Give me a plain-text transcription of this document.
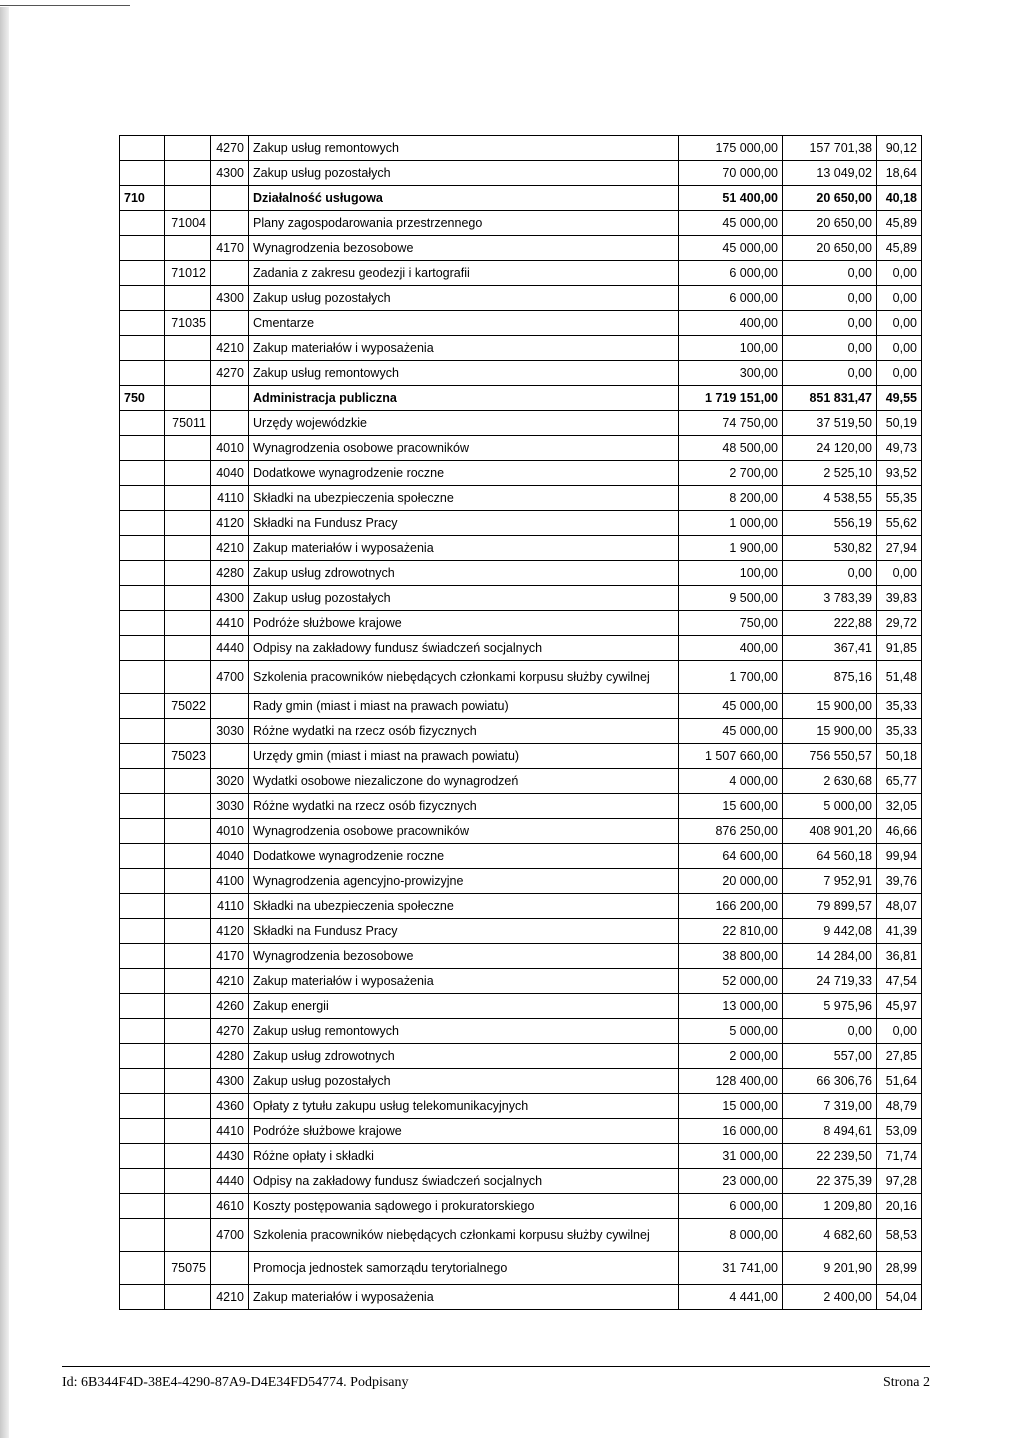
		4270	Zakup usług remontowych	175 000,00	157 701,38	90,12
		4300	Zakup usług pozostałych	70 000,00	13 049,02	18,64
710			Działalność usługowa	51 400,00	20 650,00	40,18
	71004		Plany zagospodarowania przestrzennego	45 000,00	20 650,00	45,89
		4170	Wynagrodzenia bezosobowe	45 000,00	20 650,00	45,89
	71012		Zadania z zakresu geodezji i kartografii	6 000,00	0,00	0,00
		4300	Zakup usług pozostałych	6 000,00	0,00	0,00
	71035		Cmentarze	400,00	0,00	0,00
		4210	Zakup materiałów i wyposażenia	100,00	0,00	0,00
		4270	Zakup usług remontowych	300,00	0,00	0,00
750			Administracja publiczna	1 719 151,00	851 831,47	49,55
	75011		Urzędy wojewódzkie	74 750,00	37 519,50	50,19
		4010	Wynagrodzenia osobowe pracowników	48 500,00	24 120,00	49,73
		4040	Dodatkowe wynagrodzenie roczne	2 700,00	2 525,10	93,52
		4110	Składki na ubezpieczenia społeczne	8 200,00	4 538,55	55,35
		4120	Składki na Fundusz Pracy	1 000,00	556,19	55,62
		4210	Zakup materiałów i wyposażenia	1 900,00	530,82	27,94
		4280	Zakup usług zdrowotnych	100,00	0,00	0,00
		4300	Zakup usług pozostałych	9 500,00	3 783,39	39,83
		4410	Podróże służbowe krajowe	750,00	222,88	29,72
		4440	Odpisy na zakładowy fundusz świadczeń socjalnych	400,00	367,41	91,85
		4700	Szkolenia pracowników niebędących członkami korpusu służby cywilnej	1 700,00	875,16	51,48
	75022		Rady gmin (miast i miast na prawach powiatu)	45 000,00	15 900,00	35,33
		3030	Różne wydatki na rzecz osób fizycznych	45 000,00	15 900,00	35,33
	75023		Urzędy gmin (miast i miast na prawach powiatu)	1 507 660,00	756 550,57	50,18
		3020	Wydatki osobowe niezaliczone do wynagrodzeń	4 000,00	2 630,68	65,77
		3030	Różne wydatki na rzecz osób fizycznych	15 600,00	5 000,00	32,05
		4010	Wynagrodzenia osobowe pracowników	876 250,00	408 901,20	46,66
		4040	Dodatkowe wynagrodzenie roczne	64 600,00	64 560,18	99,94
		4100	Wynagrodzenia agencyjno-prowizyjne	20 000,00	7 952,91	39,76
		4110	Składki na ubezpieczenia społeczne	166 200,00	79 899,57	48,07
		4120	Składki na Fundusz Pracy	22 810,00	9 442,08	41,39
		4170	Wynagrodzenia bezosobowe	38 800,00	14 284,00	36,81
		4210	Zakup materiałów i wyposażenia	52 000,00	24 719,33	47,54
		4260	Zakup energii	13 000,00	5 975,96	45,97
		4270	Zakup usług remontowych	5 000,00	0,00	0,00
		4280	Zakup usług zdrowotnych	2 000,00	557,00	27,85
		4300	Zakup usług pozostałych	128 400,00	66 306,76	51,64
		4360	Opłaty z tytułu zakupu usług telekomunikacyjnych	15 000,00	7 319,00	48,79
		4410	Podróże służbowe krajowe	16 000,00	8 494,61	53,09
		4430	Różne opłaty i składki	31 000,00	22 239,50	71,74
		4440	Odpisy na zakładowy fundusz świadczeń socjalnych	23 000,00	22 375,39	97,28
		4610	Koszty postępowania sądowego i prokuratorskiego	6 000,00	1 209,80	20,16
		4700	Szkolenia pracowników niebędących członkami korpusu służby cywilnej	8 000,00	4 682,60	58,53
	75075		Promocja jednostek samorządu terytorialnego	31 741,00	9 201,90	28,99
		4210	Zakup materiałów i wyposażenia	4 441,00	2 400,00	54,04
Id: 6B344F4D-38E4-4290-87A9-D4E34FD54774. Podpisany	Strona 2
